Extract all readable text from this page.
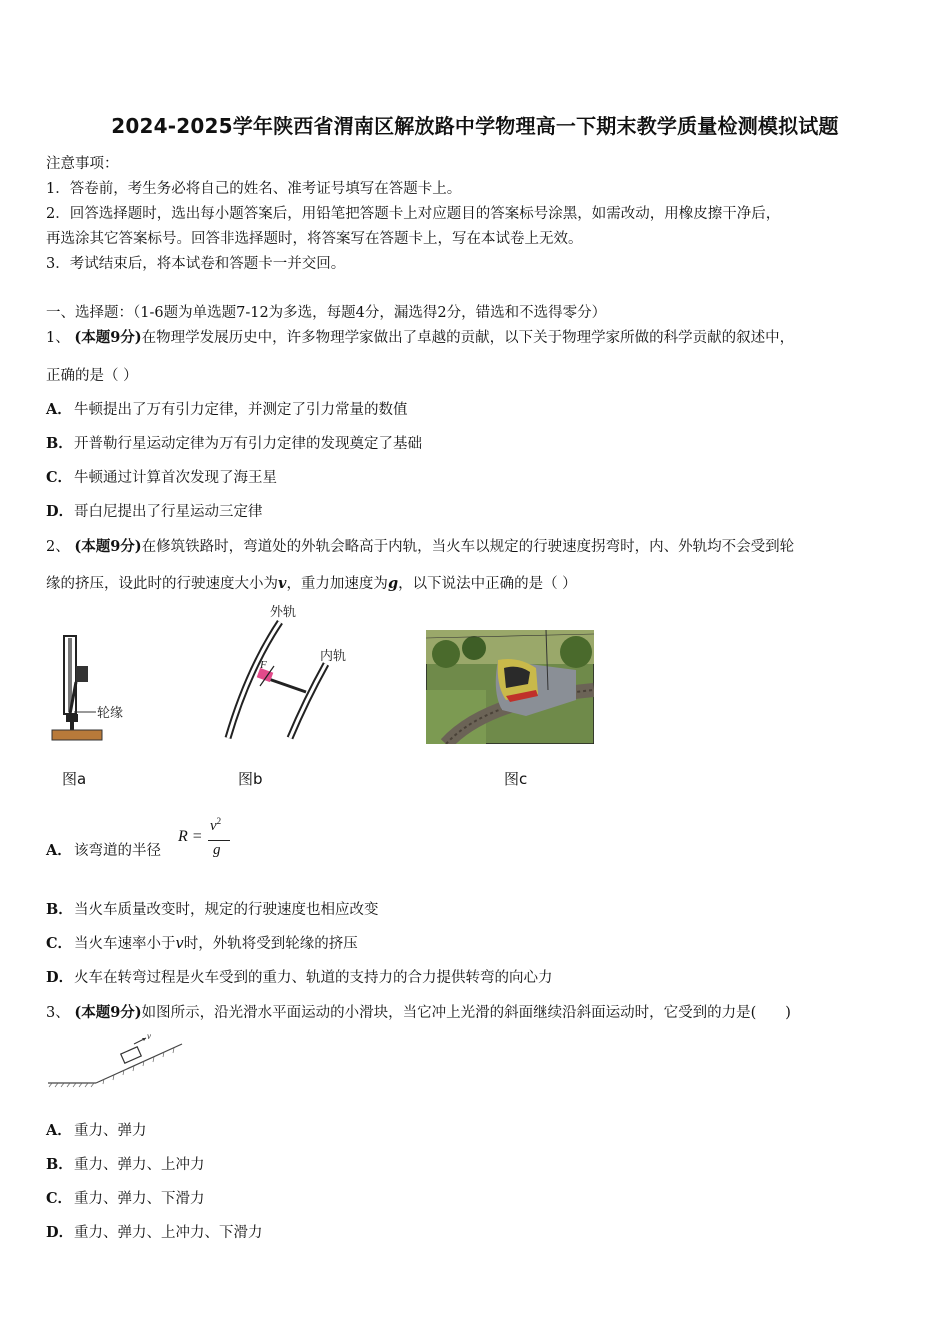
2024-2025学年陕西省渭南区解放路中学物理高一下期末教学质量检测模拟试题
注意事项：
1．答卷前，考生务必将自己的姓名、准考证号填写在答题卡上。
2．回答选择题时，选出每小题答案后，用铅笔把答题卡上对应题目的答案标号涂黑，如需改动，用橡皮擦干净后，
再选涂其它答案标号。回答非选择题时，将答案写在答题卡上，写在本试卷上无效。
3．考试结束后，将本试卷和答题卡一并交回。
一、选择题：（1-6题为单选题7-12为多选，每题4分，漏选得2分，错选和不选得零分）
1、 (本题9分)在物理学发展历史中，许多物理学家做出了卓越的贡献，以下关于物理学家所做的科学贡献的叙述中，
正确的是（ ）
A． 牛顿提出了万有引力定律，并测定了引力常量的数值
B．开普勒行星运动定律为万有引力定律的发现奠定了基础
C． 牛顿通过计算首次发现了海王星
D．哥白尼提出了行星运动三定律
2、 (本题9分)在修筑铁路时，弯道处的外轨会略高于内轨，当火车以规定的行驶速度拐弯时，内、外轨均不会受到轮
缘的挤压，设此时的行驶速度大小为v，重力加速度为g，以下说法中正确的是（ ）
轮缘
外轨
内轨
F
图a	图b	图c
A． 该弯道的半径
R =
$v^2$
g
B．当火车质量改变时，规定的行驶速度也相应改变
C． 当火车速率小于v时，外轨将受到轮缘的挤压
D．火车在转弯过程是火车受到的重力、轨道的支持力的合力提供转弯的向心力
3、 (本题9分)如图所示，沿光滑水平面运动的小滑块，当它冲上光滑的斜面继续沿斜面运动时，它受到的力是(　　)
v
A． 重力、弹力
B．重力、弹力、上冲力
C． 重力、弹力、下滑力
D．重力、弹力、上冲力、下滑力
